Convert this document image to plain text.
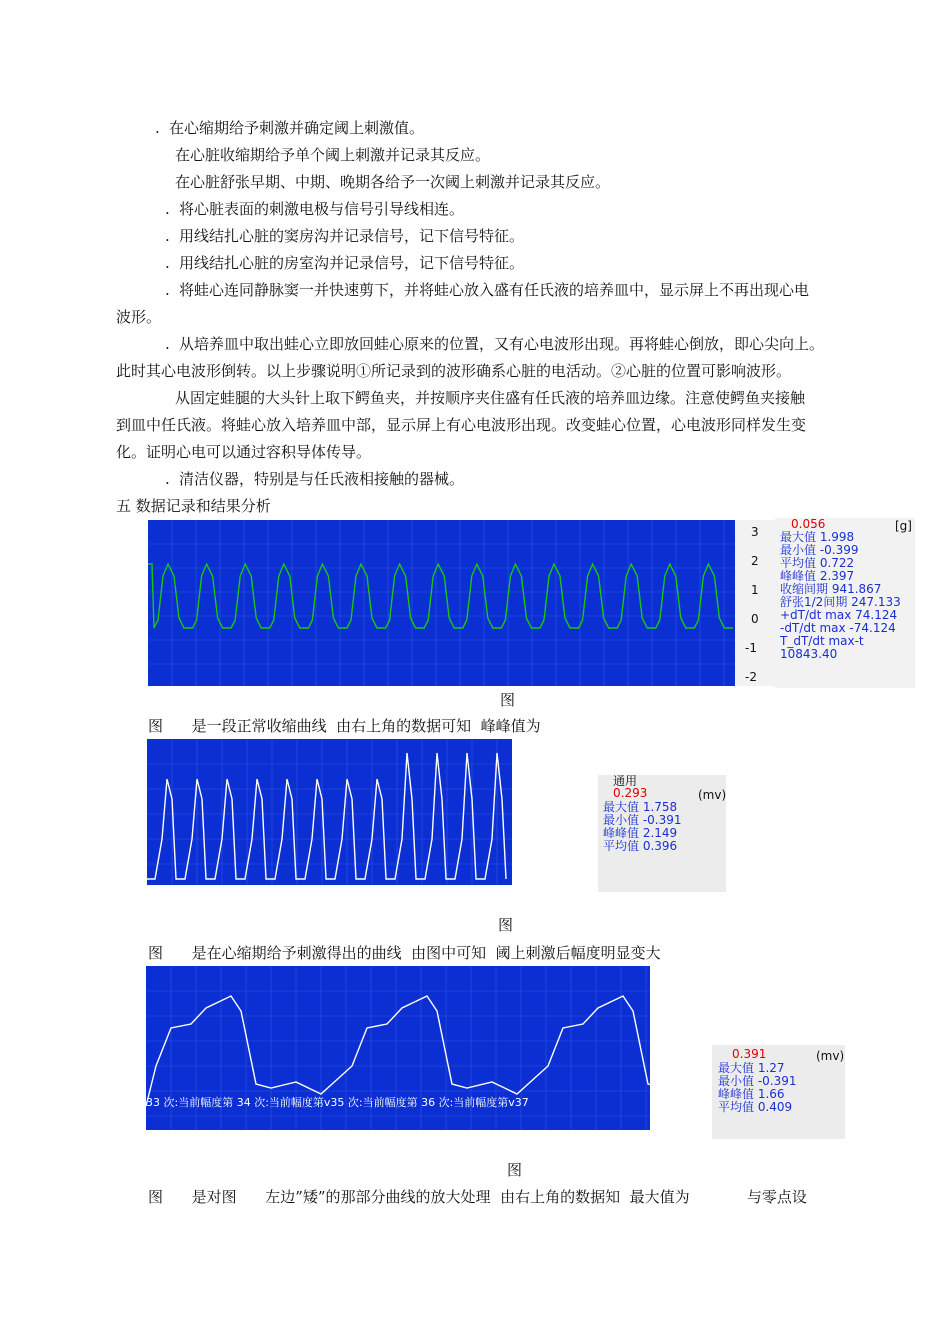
. 在心缩期给予刺激并确定阈上刺激值。
在心脏收缩期给予单个阈上刺激并记录其反应。
在心脏舒张早期、中期、晚期各给予一次阈上刺激并记录其反应。
. 将心脏表面的刺激电极与信号引导线相连。
. 用线结扎心脏的窦房沟并记录信号，记下信号特征。
. 用线结扎心脏的房室沟并记录信号，记下信号特征。
. 将蛙心连同静脉窦一并快速剪下，并将蛙心放入盛有任氏液的培养皿中，显示屏上不再出现心电
波形。
. 从培养皿中取出蛙心立即放回蛙心原来的位置，又有心电波形出现。再将蛙心倒放，即心尖向上。
此时其心电波形倒转。以上步骤说明①所记录到的波形确系心脏的电活动。②心脏的位置可影响波形。
从固定蛙腿的大头针上取下鳄鱼夹，并按顺序夹住盛有任氏液的培养皿边缘。注意使鳄鱼夹接触
到皿中任氏液。将蛙心放入培养皿中部，显示屏上有心电波形出现。改变蛙心位置，心电波形同样发生变
化。证明心电可以通过容积导体传导。
. 清洁仪器，特别是与任氏液相接触的器械。
五 数据记录和结果分析
3
2
1
0
-1
-2
0.056	[g]
最大值 1.998
最小值 -0.399
平均值 0.722
峰峰值 2.397
收缩间期 941.867
舒张1/2间期 247.133
+dT/dt max 74.124
-dT/dt max -74.124
T_dT/dt max-t 10843.40
图
图      是一段正常收缩曲线  由右上角的数据可知  峰峰值为
通用
0.293	(mv)
最大值 1.758
最小值 -0.391
峰峰值 2.149
平均值 0.396
图
图      是在心缩期给予刺激得出的曲线  由图中可知  阈上刺激后幅度明显变大
33 次:当前幅度第 34 次:当前幅度第v35 次:当前幅度第 36 次:当前幅度第v37
0.391	(mv)
最大值 1.27
最小值 -0.391
峰峰值 1.66
平均值 0.409
图
图      是对图      左边”矮”的那部分曲线的放大处理  由右上角的数据知  最大值为            与零点设
